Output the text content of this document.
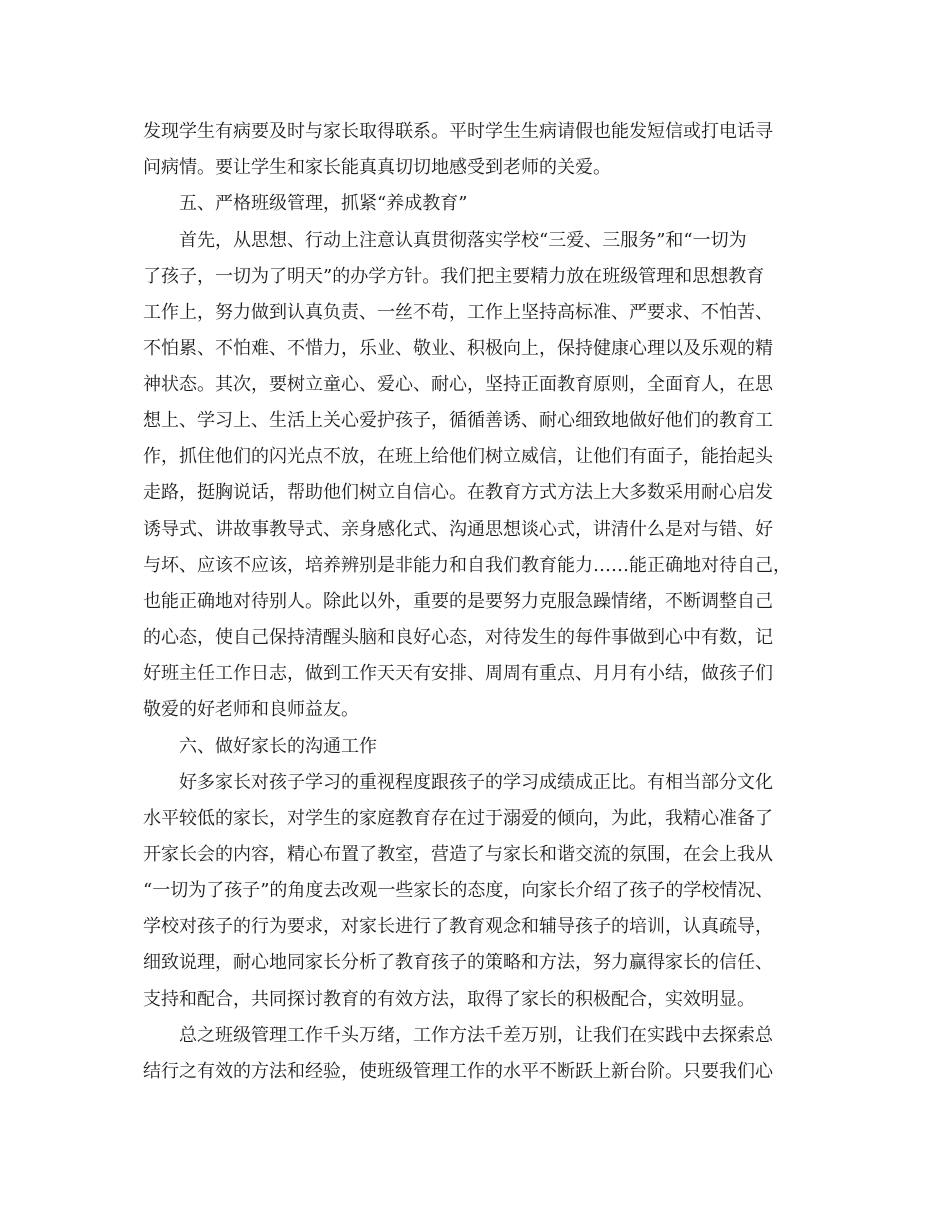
发现学生有病要及时与家长取得联系。平时学生生病请假也能发短信或打电话寻
问病情。要让学生和家长能真真切切地感受到老师的关爱。
五、严格班级管理，抓紧“养成教育”
首先，从思想、行动上注意认真贯彻落实学校“三爱、三服务”和“一切为
了孩子，一切为了明天”的办学方针。我们把主要精力放在班级管理和思想教育
工作上，努力做到认真负责、一丝不苟，工作上坚持高标准、严要求、不怕苦、
不怕累、不怕难、不惜力，乐业、敬业、积极向上，保持健康心理以及乐观的精
神状态。其次，要树立童心、爱心、耐心，坚持正面教育原则，全面育人，在思
想上、学习上、生活上关心爱护孩子，循循善诱、耐心细致地做好他们的教育工
作，抓住他们的闪光点不放，在班上给他们树立威信，让他们有面子，能抬起头
走路，挺胸说话，帮助他们树立自信心。在教育方式方法上大多数采用耐心启发
诱导式、讲故事教导式、亲身感化式、沟通思想谈心式，讲清什么是对与错、好
与坏、应该不应该，培养辨别是非能力和自我们教育能力……能正确地对待自己，
也能正确地对待别人。除此以外，重要的是要努力克服急躁情绪，不断调整自己
的心态，使自己保持清醒头脑和良好心态，对待发生的每件事做到心中有数，记
好班主任工作日志，做到工作天天有安排、周周有重点、月月有小结，做孩子们
敬爱的好老师和良师益友。
六、做好家长的沟通工作
好多家长对孩子学习的重视程度跟孩子的学习成绩成正比。有相当部分文化
水平较低的家长，对学生的家庭教育存在过于溺爱的倾向，为此，我精心准备了
开家长会的内容，精心布置了教室，营造了与家长和谐交流的氛围，在会上我从
“一切为了孩子”的角度去改观一些家长的态度，向家长介绍了孩子的学校情况、
学校对孩子的行为要求，对家长进行了教育观念和辅导孩子的培训，认真疏导，
细致说理，耐心地同家长分析了教育孩子的策略和方法，努力赢得家长的信任、
支持和配合，共同探讨教育的有效方法，取得了家长的积极配合，实效明显。
总之班级管理工作千头万绪，工作方法千差万别，让我们在实践中去探索总
结行之有效的方法和经验，使班级管理工作的水平不断跃上新台阶。只要我们心
